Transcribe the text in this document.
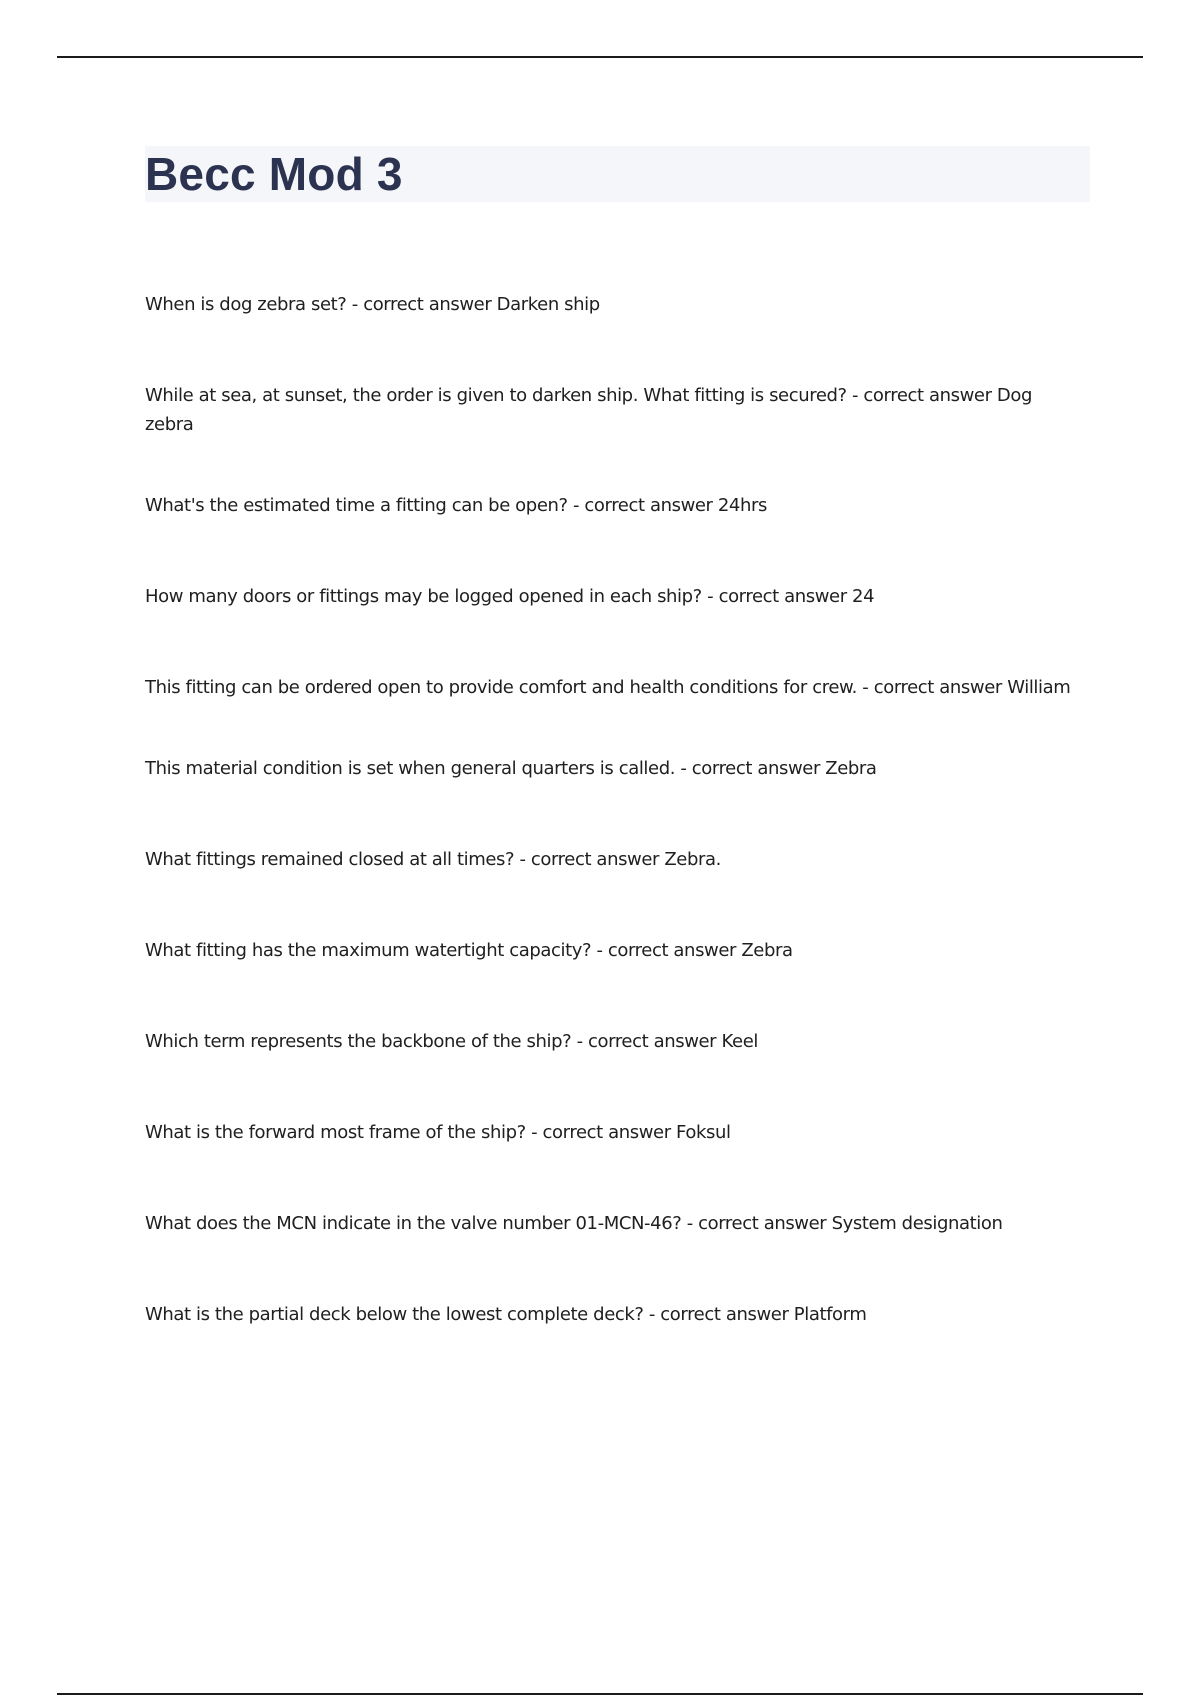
Becc Mod 3
When is dog zebra set? - correct answer Darken ship
While at sea, at sunset, the order is given to darken ship. What fitting is secured? - correct answer Dog zebra
What's the estimated time a fitting can be open? - correct answer 24hrs
How many doors or fittings may be logged opened in each ship? - correct answer 24
This fitting can be ordered open to provide comfort and health conditions for crew. - correct answer William
This material condition is set when general quarters is called. - correct answer Zebra
What fittings remained closed at all times? - correct answer Zebra.
What fitting has the maximum watertight capacity? - correct answer Zebra
Which term represents the backbone of the ship? - correct answer Keel
What is the forward most frame of the ship? - correct answer Foksul
What does the MCN indicate in the valve number 01-MCN-46? - correct answer System designation
What is the partial deck below the lowest complete deck? - correct answer Platform
